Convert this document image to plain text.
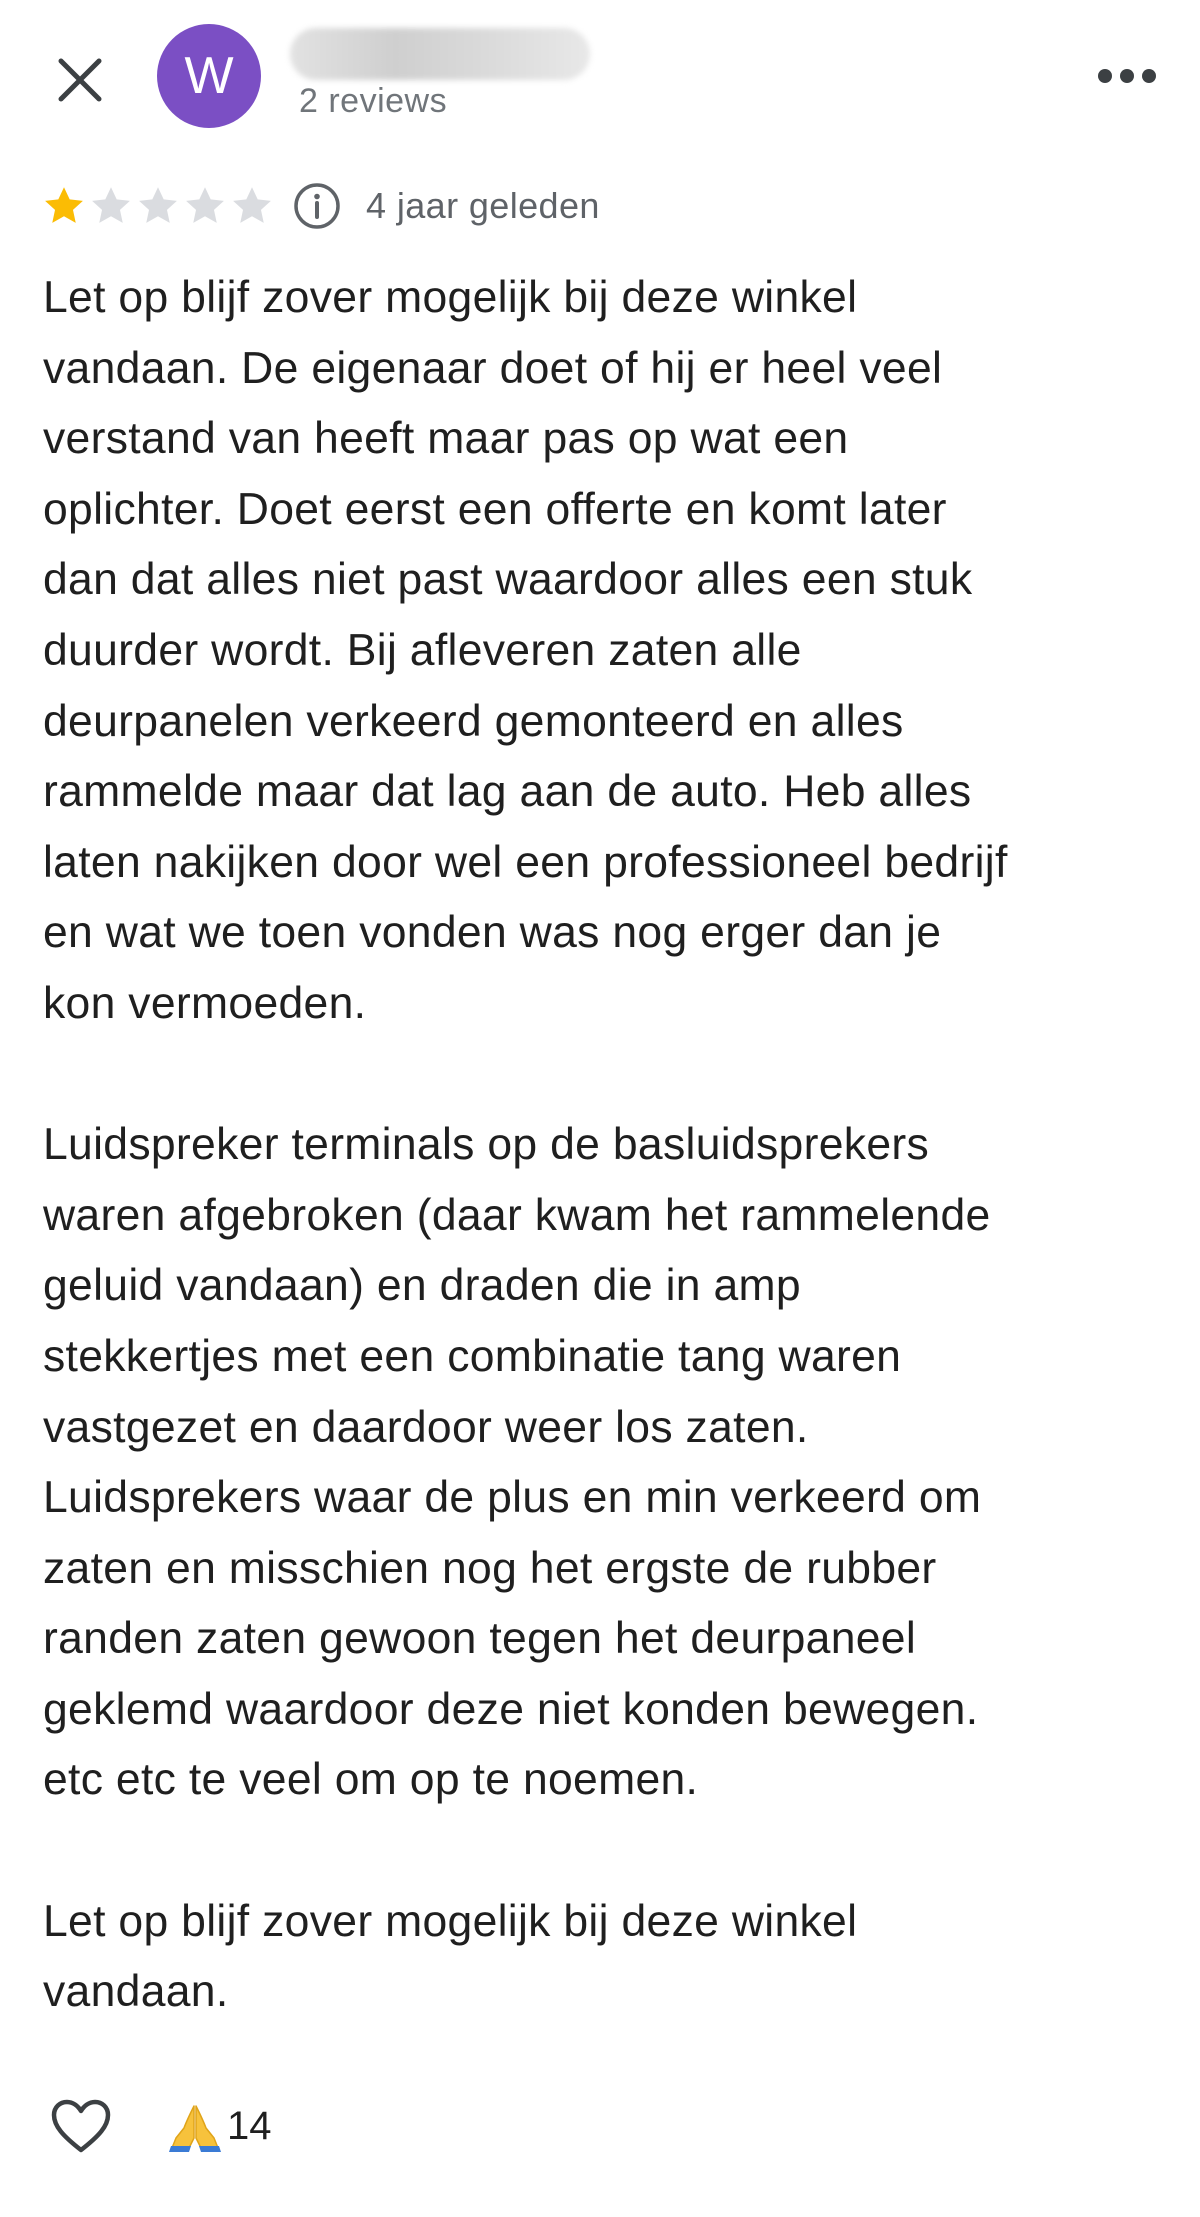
W 2 reviews
4 jaar geleden

Let op blijf zover mogelijk bij deze winkel
vandaan. De eigenaar doet of hij er heel veel
verstand van heeft maar pas op wat een
oplichter. Doet eerst een offerte en komt later
dan dat alles niet past waardoor alles een stuk
duurder wordt. Bij afleveren zaten alle
deurpanelen verkeerd gemonteerd en alles
rammelde maar dat lag aan de auto. Heb alles
laten nakijken door wel een professioneel bedrijf
en wat we toen vonden was nog erger dan je
kon vermoeden.

Luidspreker terminals op de basluidsprekers
waren afgebroken (daar kwam het rammelende
geluid vandaan) en draden die in amp
stekkertjes met een combinatie tang waren
vastgezet en daardoor weer los zaten.
Luidsprekers waar de plus en min verkeerd om
zaten en misschien nog het ergste de rubber
randen zaten gewoon tegen het deurpaneel
geklemd waardoor deze niet konden bewegen.
etc etc te veel om op te noemen.

Let op blijf zover mogelijk bij deze winkel
vandaan.

14
